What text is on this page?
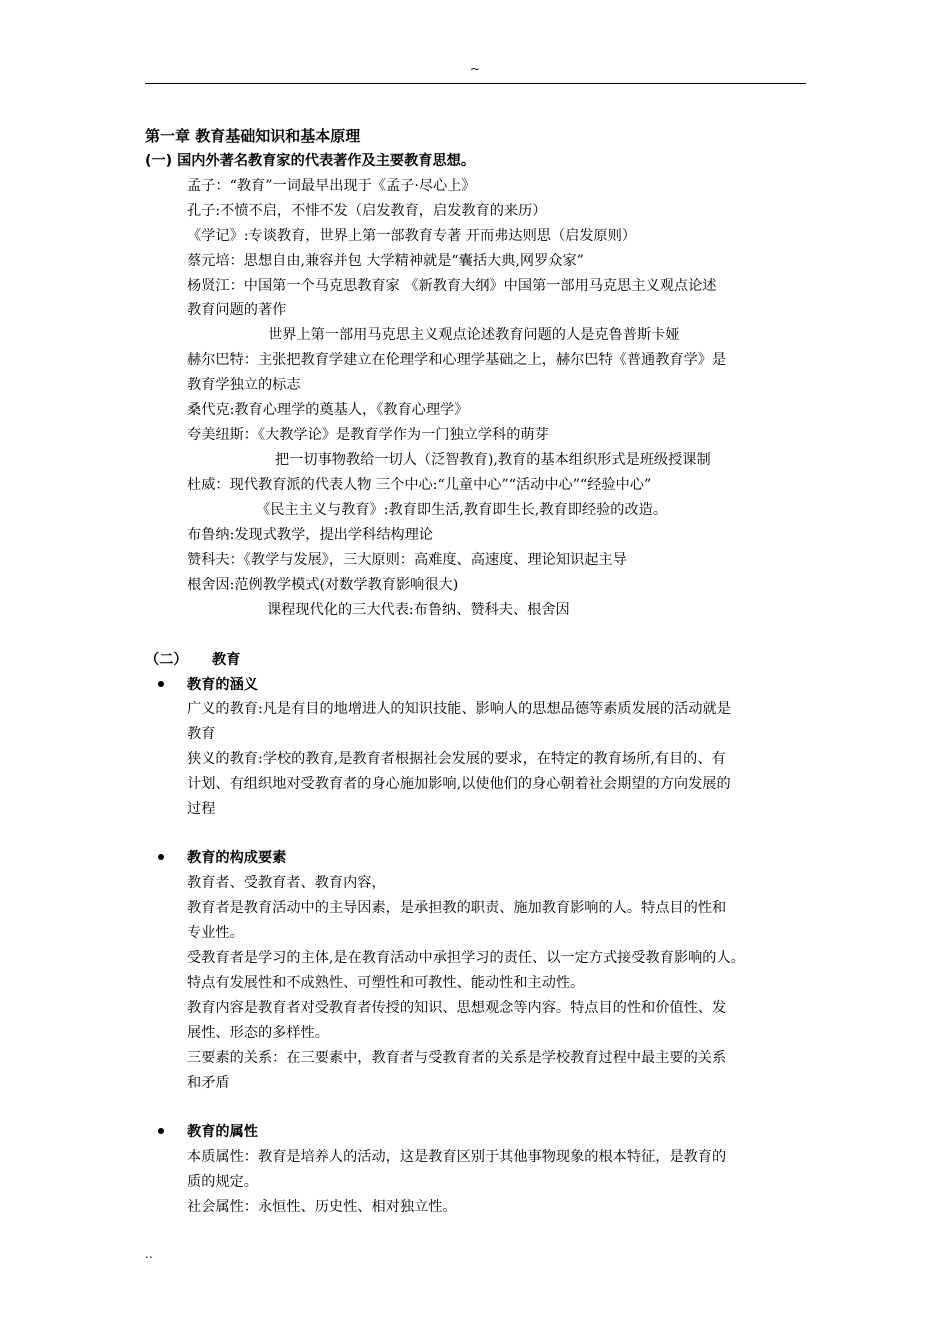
~
第一章 教育基础知识和基本原理
(一) 国内外著名教育家的代表著作及主要教育思想。
孟子：“教育”一词最早出现于《孟子·尽心上》
孔子:不愤不启，不悱不发（启发教育，启发教育的来历）
《学记》:专谈教育，世界上第一部教育专著 开而弗达则思（启发原则）
蔡元培：思想自由,兼容并包 大学精神就是“囊括大典,网罗众家”
杨贤江：中国第一个马克思教育家 《新教育大纲》中国第一部用马克思主义观点论述
教育问题的著作
世界上第一部用马克思主义观点论述教育问题的人是克鲁普斯卡娅
赫尔巴特：主张把教育学建立在伦理学和心理学基础之上，赫尔巴特《普通教育学》是
教育学独立的标志
桑代克:教育心理学的奠基人，《教育心理学》
夸美纽斯：《大教学论》是教育学作为一门独立学科的萌芽
把一切事物教给一切人（泛智教育),教育的基本组织形式是班级授课制
杜威：现代教育派的代表人物 三个中心:“儿童中心”“活动中心”“经验中心”
《民主主义与教育》:教育即生活,教育即生长,教育即经验的改造。
布鲁纳:发现式教学，提出学科结构理论
赞科夫：《教学与发展》，三大原则：高难度、高速度、理论知识起主导
根舍因:范例教学模式(对数学教育影响很大)
课程现代化的三大代表:布鲁纳、赞科夫、根舍因
（二） 教育
教育的涵义
广义的教育:凡是有目的地增进人的知识技能、影响人的思想品德等素质发展的活动就是
教育
狭义的教育:学校的教育,是教育者根据社会发展的要求，在特定的教育场所,有目的、有
计划、有组织地对受教育者的身心施加影响,以使他们的身心朝着社会期望的方向发展的
过程
教育的构成要素
教育者、受教育者、教育内容，
教育者是教育活动中的主导因素，是承担教的职责、施加教育影响的人。特点目的性和
专业性。
受教育者是学习的主体,是在教育活动中承担学习的责任、以一定方式接受教育影响的人。
特点有发展性和不成熟性、可塑性和可教性、能动性和主动性。
教育内容是教育者对受教育者传授的知识、思想观念等内容。特点目的性和价值性、发
展性、形态的多样性。
三要素的关系：在三要素中，教育者与受教育者的关系是学校教育过程中最主要的关系
和矛盾
教育的属性
本质属性：教育是培养人的活动，这是教育区别于其他事物现象的根本特征，是教育的
质的规定。
社会属性：永恒性、历史性、相对独立性。
..
